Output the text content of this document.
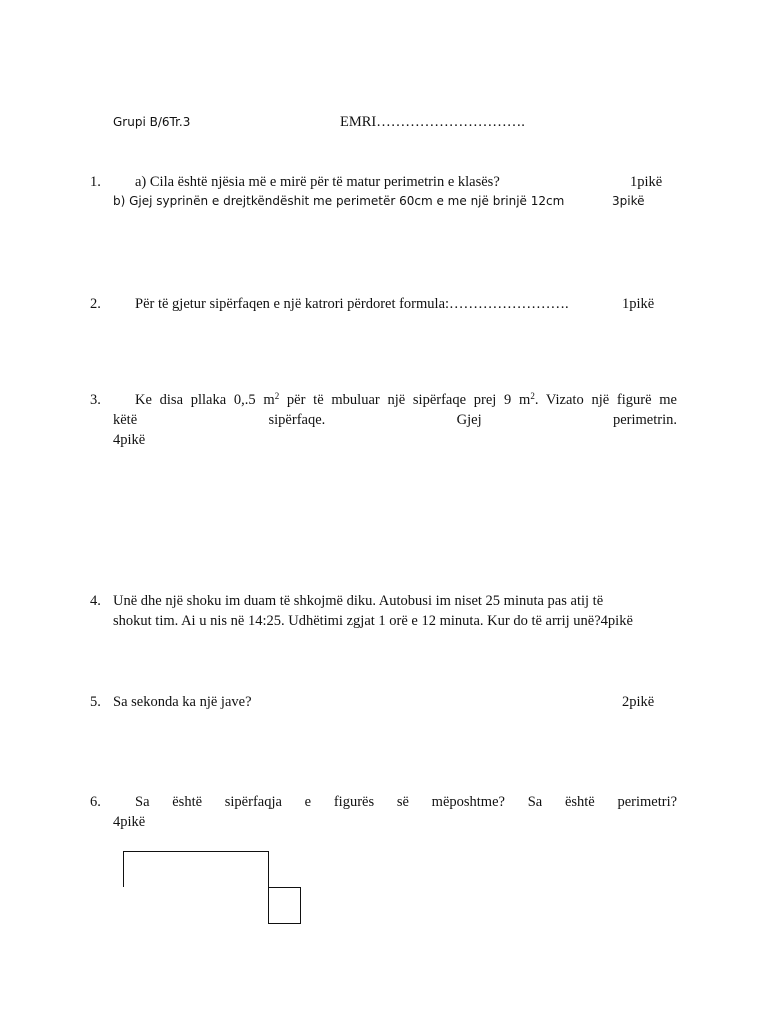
Grupi B/6Tr.3	EMRI………………………….
1. a) Cila është njësia më e mirë për të matur perimetrin e klasës?	1pikë
b) Gjej syprinën e drejtkëndëshit me perimetër 60cm e me një brinjë 12cm	3pikë
2. Për të gjetur sipërfaqen e një katrori përdoret formula:…………………….	1pikë
3.	Ke disa pllaka 0,.5 $m^2$ për të mbuluar një sipërfaqe prej 9 $m^2$. Vizato një figurë me
këtë	sipërfaqe.	Gjej	perimetrin.
4pikë
4. Unë dhe një shoku im duam të shkojmë diku. Autobusi im niset 25 minuta pas atij të
shokut tim. Ai u nis në 14:25. Udhëtimi zgjat 1 orë e 12 minuta. Kur do të arrij unë?4pikë
5. Sa sekonda ka një jave?	2pikë
6.	Sa është sipërfaqja e figurës së mëposhtme? Sa është perimetri?
4pikë
